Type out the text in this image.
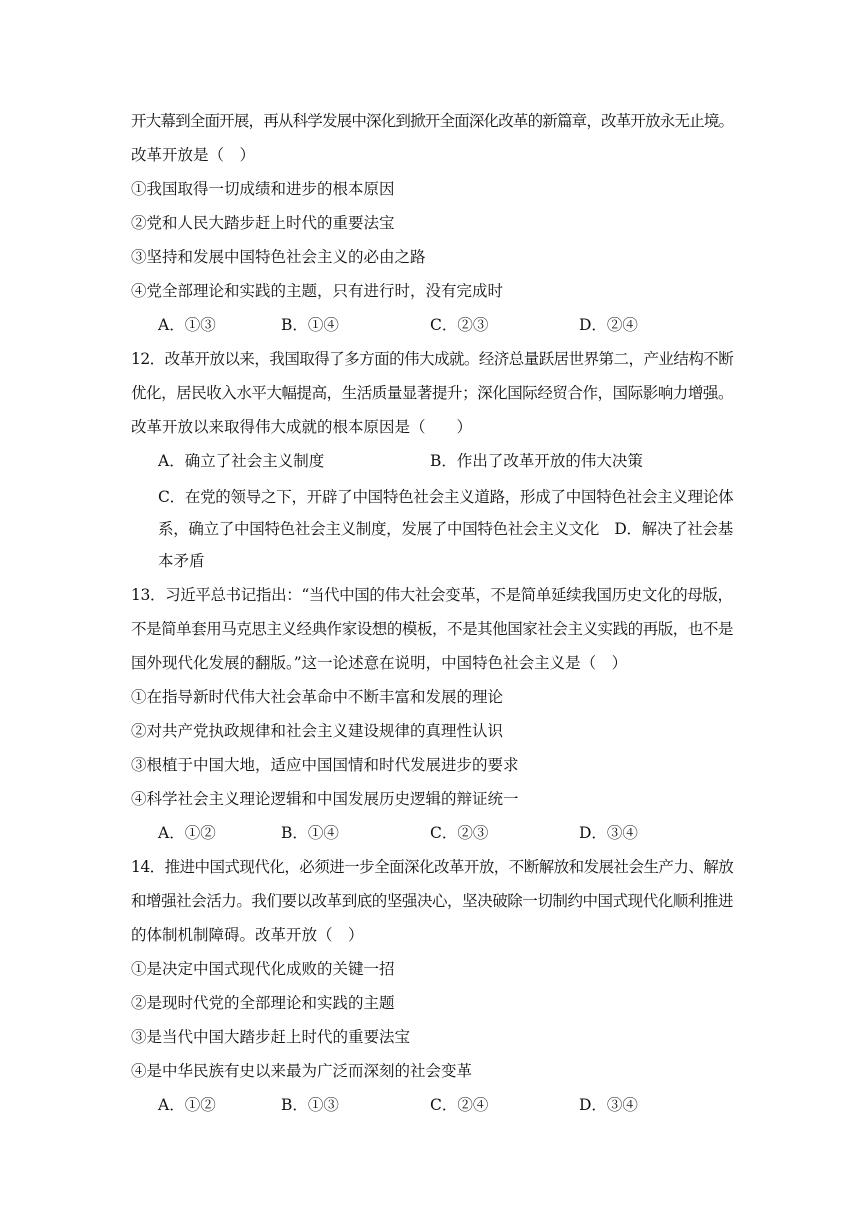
开大幕到全面开展，再从科学发展中深化到掀开全面深化改革的新篇章，改革开放永无止境。
改革开放是（　）
①我国取得一切成绩和进步的根本原因
②党和人民大踏步赶上时代的重要法宝
③坚持和发展中国特色社会主义的必由之路
④党全部理论和实践的主题，只有进行时，没有完成时
A．①③	B．①④	C．②③	D．②④
12．改革开放以来，我国取得了多方面的伟大成就。经济总量跃居世界第二，产业结构不断
优化，居民收入水平大幅提高，生活质量显著提升；深化国际经贸合作，国际影响力增强。
改革开放以来取得伟大成就的根本原因是（　　）
A．确立了社会主义制度	B．作出了改革开放的伟大决策
C．在党的领导之下，开辟了中国特色社会主义道路，形成了中国特色社会主义理论体
系，确立了中国特色社会主义制度，发展了中国特色社会主义文化　D．解决了社会基
本矛盾
13．习近平总书记指出：“当代中国的伟大社会变革，不是简单延续我国历史文化的母版，
不是简单套用马克思主义经典作家设想的模板，不是其他国家社会主义实践的再版，也不是
国外现代化发展的翻版。”这一论述意在说明，中国特色社会主义是（　）
①在指导新时代伟大社会革命中不断丰富和发展的理论
②对共产党执政规律和社会主义建设规律的真理性认识
③根植于中国大地，适应中国国情和时代发展进步的要求
④科学社会主义理论逻辑和中国发展历史逻辑的辩证统一
A．①②	B．①④	C．②③	D．③④
14．推进中国式现代化，必须进一步全面深化改革开放，不断解放和发展社会生产力、解放
和增强社会活力。我们要以改革到底的坚强决心，坚决破除一切制约中国式现代化顺利推进
的体制机制障碍。改革开放（　）
①是决定中国式现代化成败的关键一招
②是现时代党的全部理论和实践的主题
③是当代中国大踏步赶上时代的重要法宝
④是中华民族有史以来最为广泛而深刻的社会变革
A．①②	B．①③	C．②④	D．③④
